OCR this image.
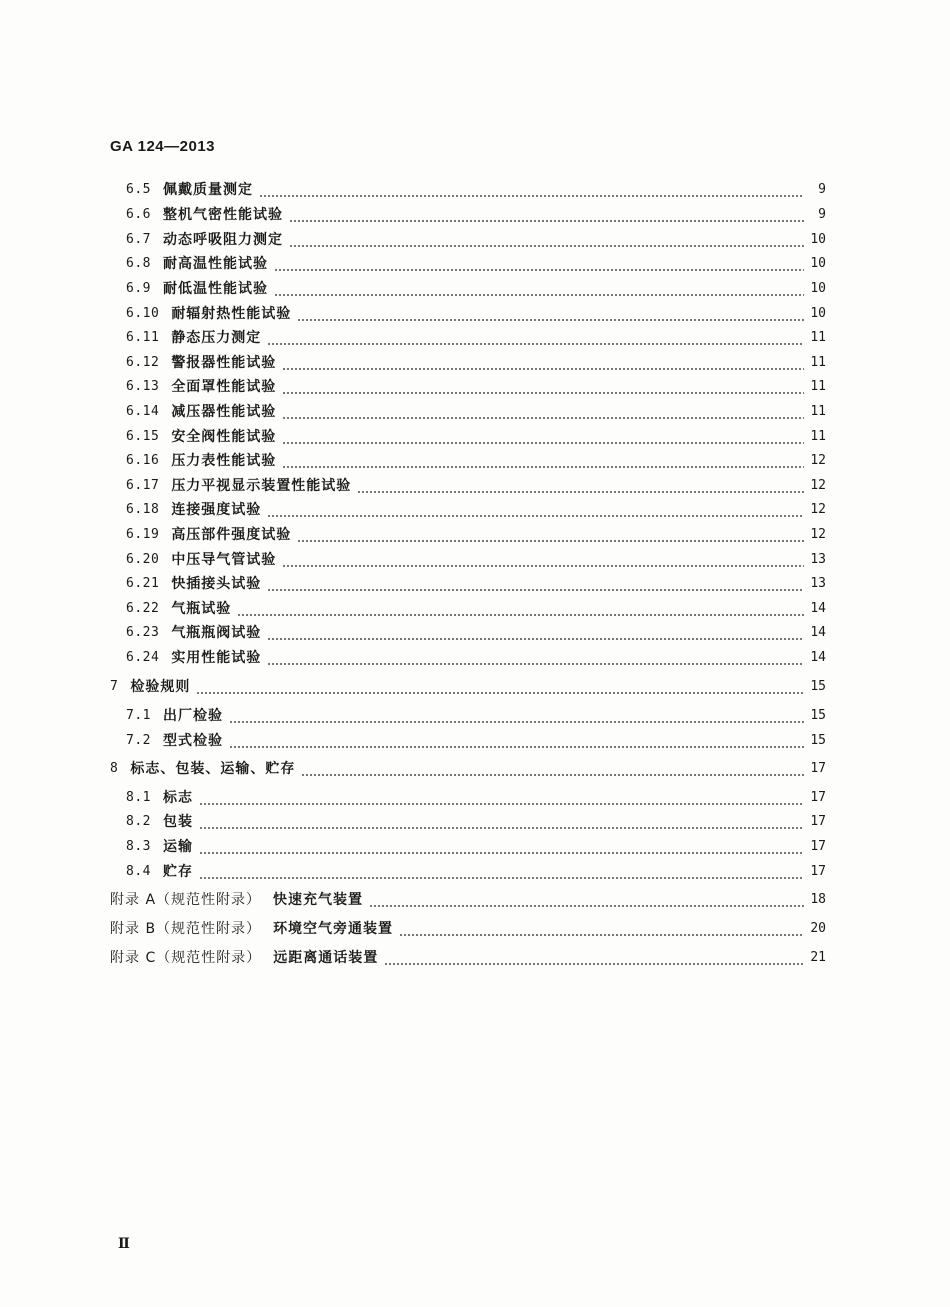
GA 124—2013
6.5 佩戴质量测定	9
6.6 整机气密性能试验	9
6.7 动态呼吸阻力测定	10
6.8 耐高温性能试验	10
6.9 耐低温性能试验	10
6.10 耐辐射热性能试验	10
6.11 静态压力测定	11
6.12 警报器性能试验	11
6.13 全面罩性能试验	11
6.14 减压器性能试验	11
6.15 安全阀性能试验	11
6.16 压力表性能试验	12
6.17 压力平视显示装置性能试验	12
6.18 连接强度试验	12
6.19 高压部件强度试验	12
6.20 中压导气管试验	13
6.21 快插接头试验	13
6.22 气瓶试验	14
6.23 气瓶瓶阀试验	14
6.24 实用性能试验	14
7 检验规则	15
7.1 出厂检验	15
7.2 型式检验	15
8 标志、包装、运输、贮存	17
8.1 标志	17
8.2 包装	17
8.3 运输	17
8.4 贮存	17
附录 A（规范性附录） 快速充气装置	18
附录 B（规范性附录） 环境空气旁通装置	20
附录 C（规范性附录） 远距离通话装置	21
Ⅱ
